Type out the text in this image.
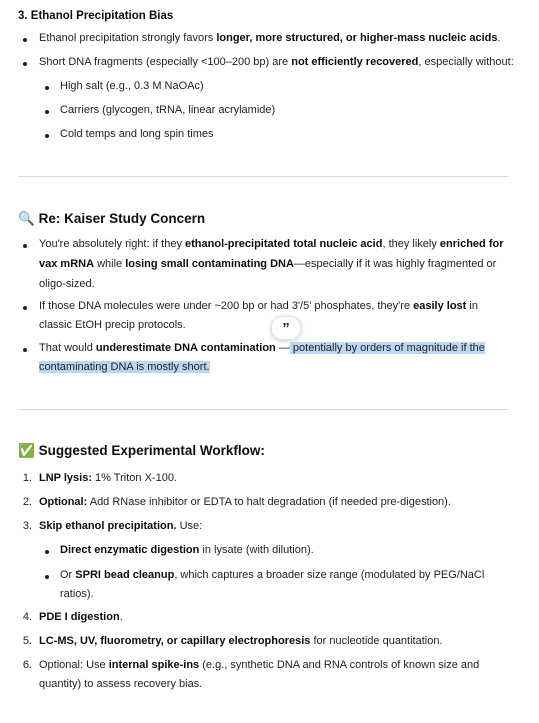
3. Ethanol Precipitation Bias
Ethanol precipitation strongly favors longer, more structured, or higher-mass nucleic acids.
Short DNA fragments (especially <100–200 bp) are not efficiently recovered, especially without:
High salt (e.g., 0.3 M NaOAc)
Carriers (glycogen, tRNA, linear acrylamide)
Cold temps and long spin times
🔍 Re: Kaiser Study Concern
You're absolutely right: if they ethanol-precipitated total nucleic acid, they likely enriched for
vax mRNA while losing small contaminating DNA—especially if it was highly fragmented or
oligo-sized.
If those DNA molecules were under ~200 bp or had 3'/5' phosphates, they're easily lost in
classic EtOH precip protocols.	”
That would underestimate DNA contamination — potentially by orders of magnitude if the
contaminating DNA is mostly short.
✅ Suggested Experimental Workflow:
1. LNP lysis: 1% Triton X-100.
2. Optional: Add RNase inhibitor or EDTA to halt degradation (if needed pre-digestion).
3. Skip ethanol precipitation. Use:
Direct enzymatic digestion in lysate (with dilution).
Or SPRI bead cleanup, which captures a broader size range (modulated by PEG/NaCl
ratios).
4. PDE I digestion.
5. LC-MS, UV, fluorometry, or capillary electrophoresis for nucleotide quantitation.
6. Optional: Use internal spike-ins (e.g., synthetic DNA and RNA controls of known size and
quantity) to assess recovery bias.
